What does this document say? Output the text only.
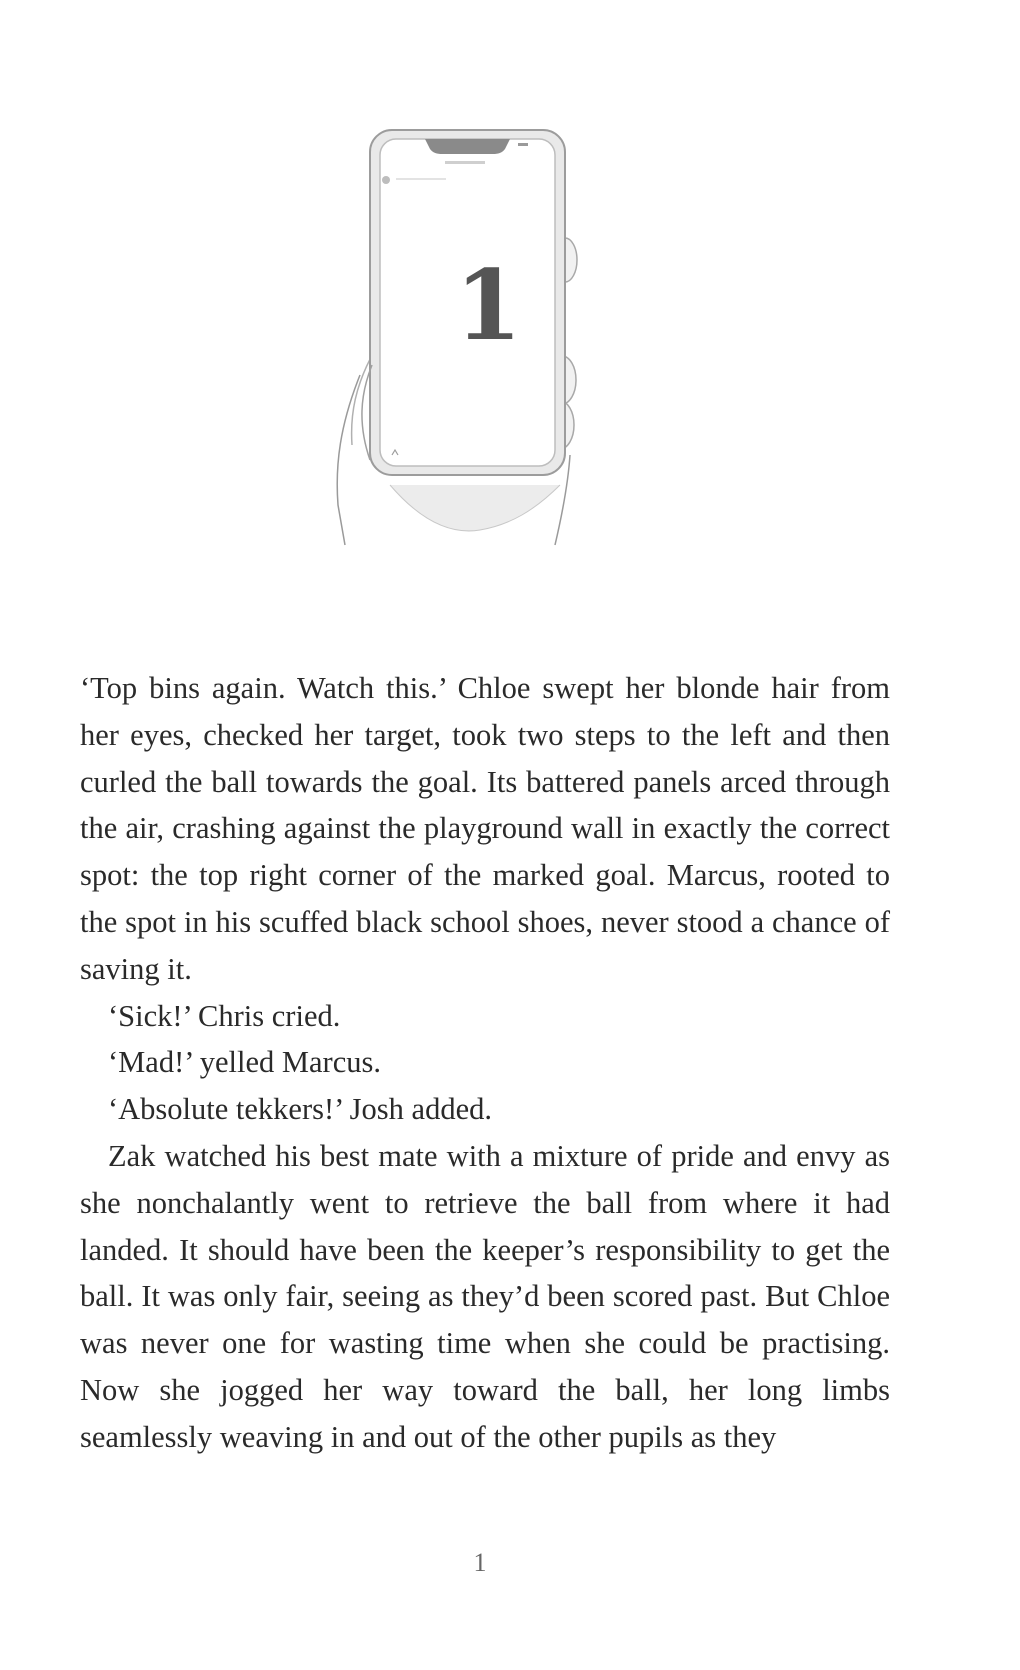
1

‘Top bins again. Watch this.’ Chloe swept her blonde hair from her eyes, checked her target, took two steps to the left and then curled the ball towards the goal. Its battered panels arced through the air, crashing against the playground wall in exactly the correct spot: the top right corner of the marked goal. Marcus, rooted to the spot in his scuffed black school shoes, never stood a chance of saving it.

‘Sick!’ Chris cried.

‘Mad!’ yelled Marcus.

‘Absolute tekkers!’ Josh added.

Zak watched his best mate with a mixture of pride and envy as she nonchalantly went to retrieve the ball from where it had landed. It should have been the keeper’s responsibility to get the ball. It was only fair, seeing as they’d been scored past. But Chloe was never one for wasting time when she could be practising. Now she jogged her way toward the ball, her long limbs seamlessly weaving in and out of the other pupils as they

1
